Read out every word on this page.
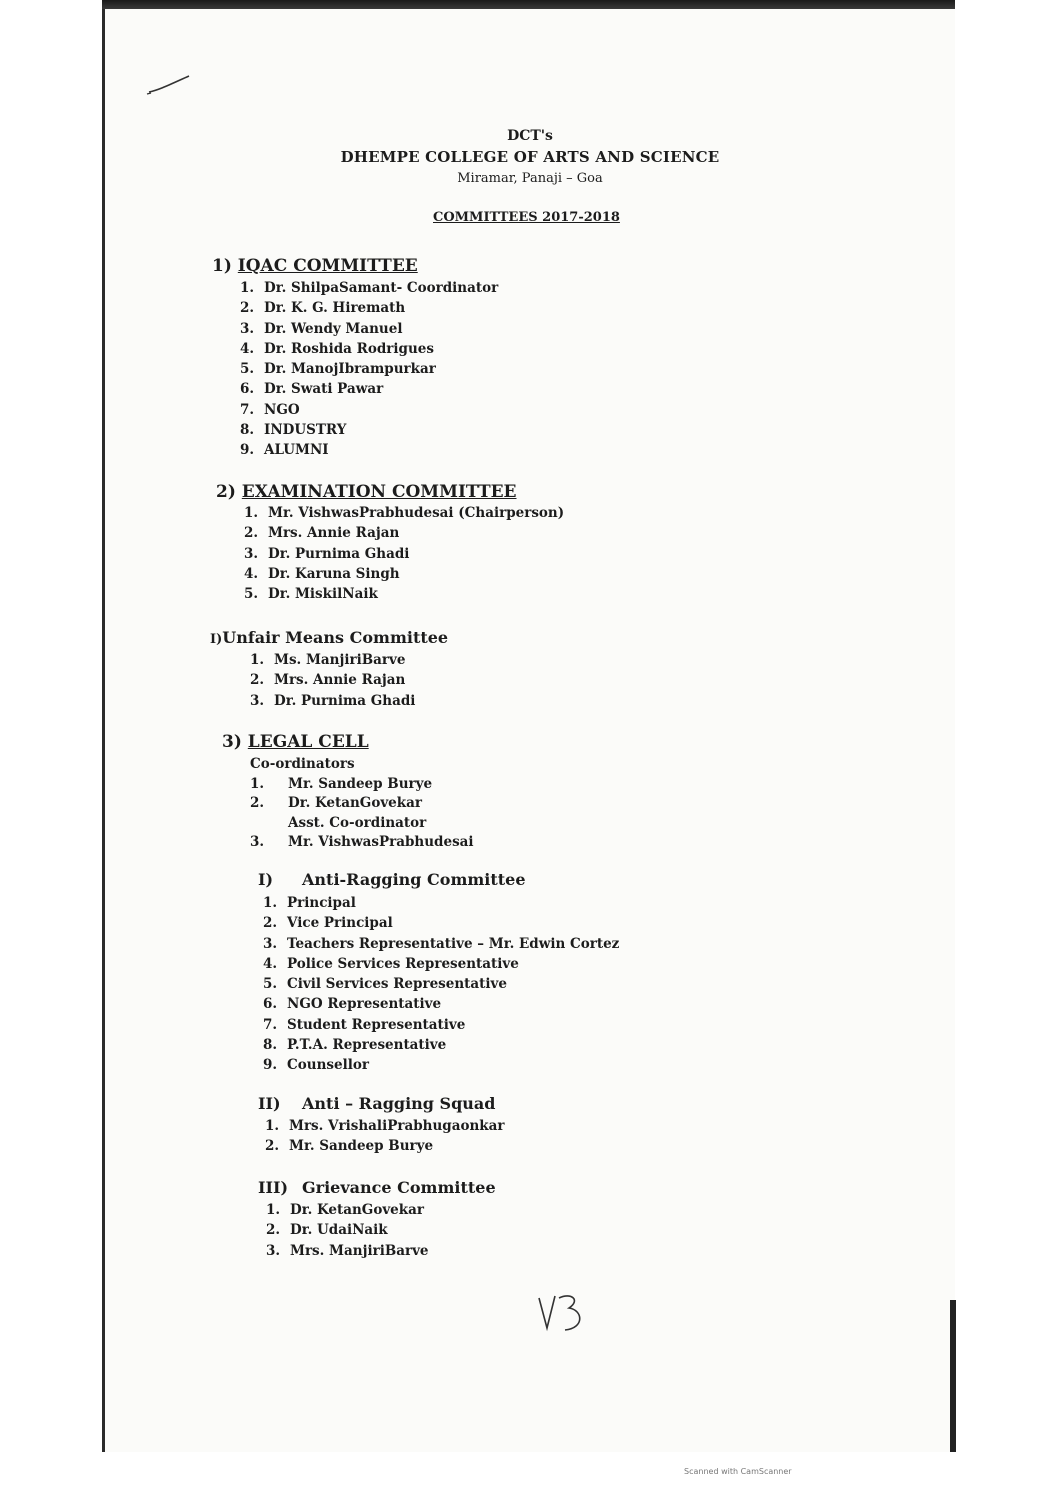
DCT's
DHEMPE COLLEGE OF ARTS AND SCIENCE
Miramar, Panaji – Goa
COMMITTEES 2017-2018
1) IQAC COMMITTEE
1. Dr. ShilpaSamant- Coordinator
2. Dr. K. G. Hiremath
3. Dr. Wendy Manuel
4. Dr. Roshida Rodrigues
5. Dr. ManojIbrampurkar
6. Dr. Swati Pawar
7. NGO
8. INDUSTRY
9. ALUMNI
2) EXAMINATION COMMITTEE
1. Mr. VishwasPrabhudesai (Chairperson)
2. Mrs. Annie Rajan
3. Dr. Purnima Ghadi
4. Dr. Karuna Singh
5. Dr. MiskilNaik
I)Unfair Means Committee
1. Ms. ManjiriBarve
2. Mrs. Annie Rajan
3. Dr. Purnima Ghadi
3) LEGAL CELL
Co-ordinators
1. Mr. Sandeep Burye
2. Dr. KetanGovekar
Asst. Co-ordinator
3. Mr. VishwasPrabhudesai
I) Anti-Ragging Committee
1. Principal
2. Vice Principal
3. Teachers Representative – Mr. Edwin Cortez
4. Police Services Representative
5. Civil Services Representative
6. NGO Representative
7. Student Representative
8. P.T.A. Representative
9. Counsellor
II) Anti – Ragging Squad
1. Mrs. VrishaliPrabhugaonkar
2. Mr. Sandeep Burye
III) Grievance Committee
1. Dr. KetanGovekar
2. Dr. UdaiNaik
3. Mrs. ManjiriBarve
Scanned with CamScanner
